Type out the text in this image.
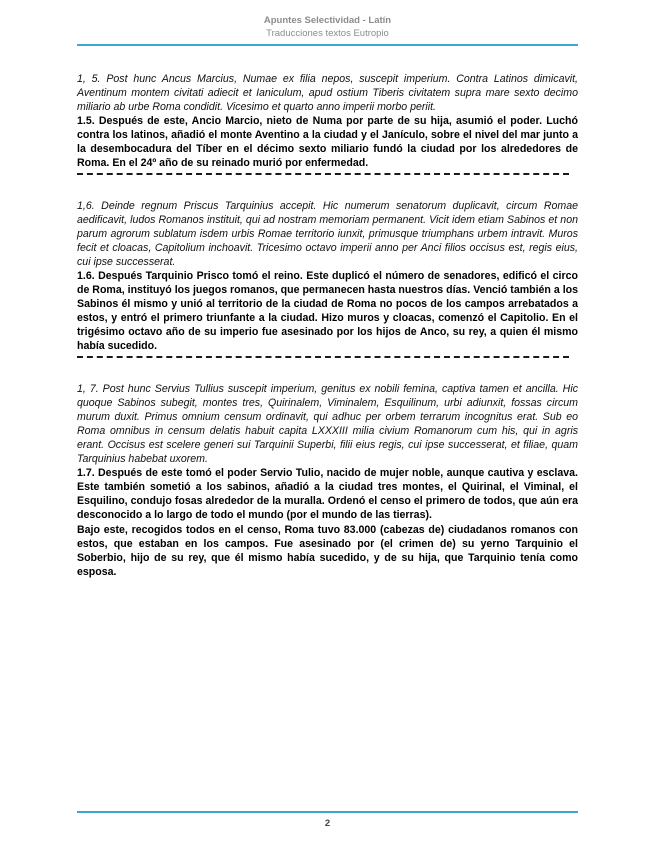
Apuntes Selectividad - Latín
Traducciones textos Eutropio

1, 5. Post hunc Ancus Marcius, Numae ex filia nepos, suscepit imperium. Contra Latinos dimicavit, Aventinum montem civitati adiecit et Ianiculum, apud ostium Tiberis civitatem supra mare sexto decimo miliario ab urbe Roma condidit. Vicesimo et quarto anno imperii morbo periit.

1.5. Después de este, Ancio Marcio, nieto de Numa por parte de su hija, asumió el poder. Luchó contra los latinos, añadió el monte Aventino a la ciudad y el Janículo, sobre el nivel del mar junto a la desembocadura del Tíber en el décimo sexto miliario fundó la ciudad por los alrededores de Roma. En el 24º año de su reinado murió por enfermedad.

1,6. Deinde regnum Priscus Tarquinius accepit. Hic numerum senatorum duplicavit, circum Romae aedificavit, ludos Romanos instituit, qui ad nostram memoriam permanent. Vicit idem etiam Sabinos et non parum agrorum sublatum isdem urbis Romae territorio iunxit, primusque triumphans urbem intravit. Muros fecit et cloacas, Capitolium inchoavit. Tricesimo octavo imperii anno per Anci filios occisus est, regis eius, cui ipse successerat.

1.6. Después Tarquinio Prisco tomó el reino. Este duplicó el número de senadores, edificó el circo de Roma, instituyó los juegos romanos, que permanecen hasta nuestros días. Venció también a los Sabinos él mismo y unió al territorio de la ciudad de Roma no pocos de los campos arrebatados a estos, y entró el primero triunfante a la ciudad. Hizo muros y cloacas, comenzó el Capitolio. En el trigésimo octavo año de su imperio fue asesinado por los hijos de Anco, su rey, a quien él mismo había sucedido.

1, 7. Post hunc Servius Tullius suscepit imperium, genitus ex nobili femina, captiva tamen et ancilla. Hic quoque Sabinos subegit, montes tres, Quirinalem, Viminalem, Esquilinum, urbi adiunxit, fossas circum murum duxit. Primus omnium censum ordinavit, qui adhuc per orbem terrarum incognitus erat. Sub eo Roma omnibus in censum delatis habuit capita LXXXIII milia civium Romanorum cum his, qui in agris erant. Occisus est scelere generi sui Tarquinii Superbi, filii eius regis, cui ipse successerat, et filiae, quam Tarquinius habebat uxorem.

1.7. Después de este tomó el poder Servio Tulio, nacido de mujer noble, aunque cautiva y esclava. Este también sometió a los sabinos, añadió a la ciudad tres montes, el Quirinal, el Viminal, el Esquilino, condujo fosas alrededor de la muralla. Ordenó el censo el primero de todos, que aún era desconocido a lo largo de todo el mundo (por el mundo de las tierras).

Bajo este, recogidos todos en el censo, Roma tuvo 83.000 (cabezas de) ciudadanos romanos con estos, que estaban en los campos. Fue asesinado por (el crimen de) su yerno Tarquinio el Soberbio, hijo de su rey, que él mismo había sucedido, y de su hija, que Tarquinio tenía como esposa.

2
